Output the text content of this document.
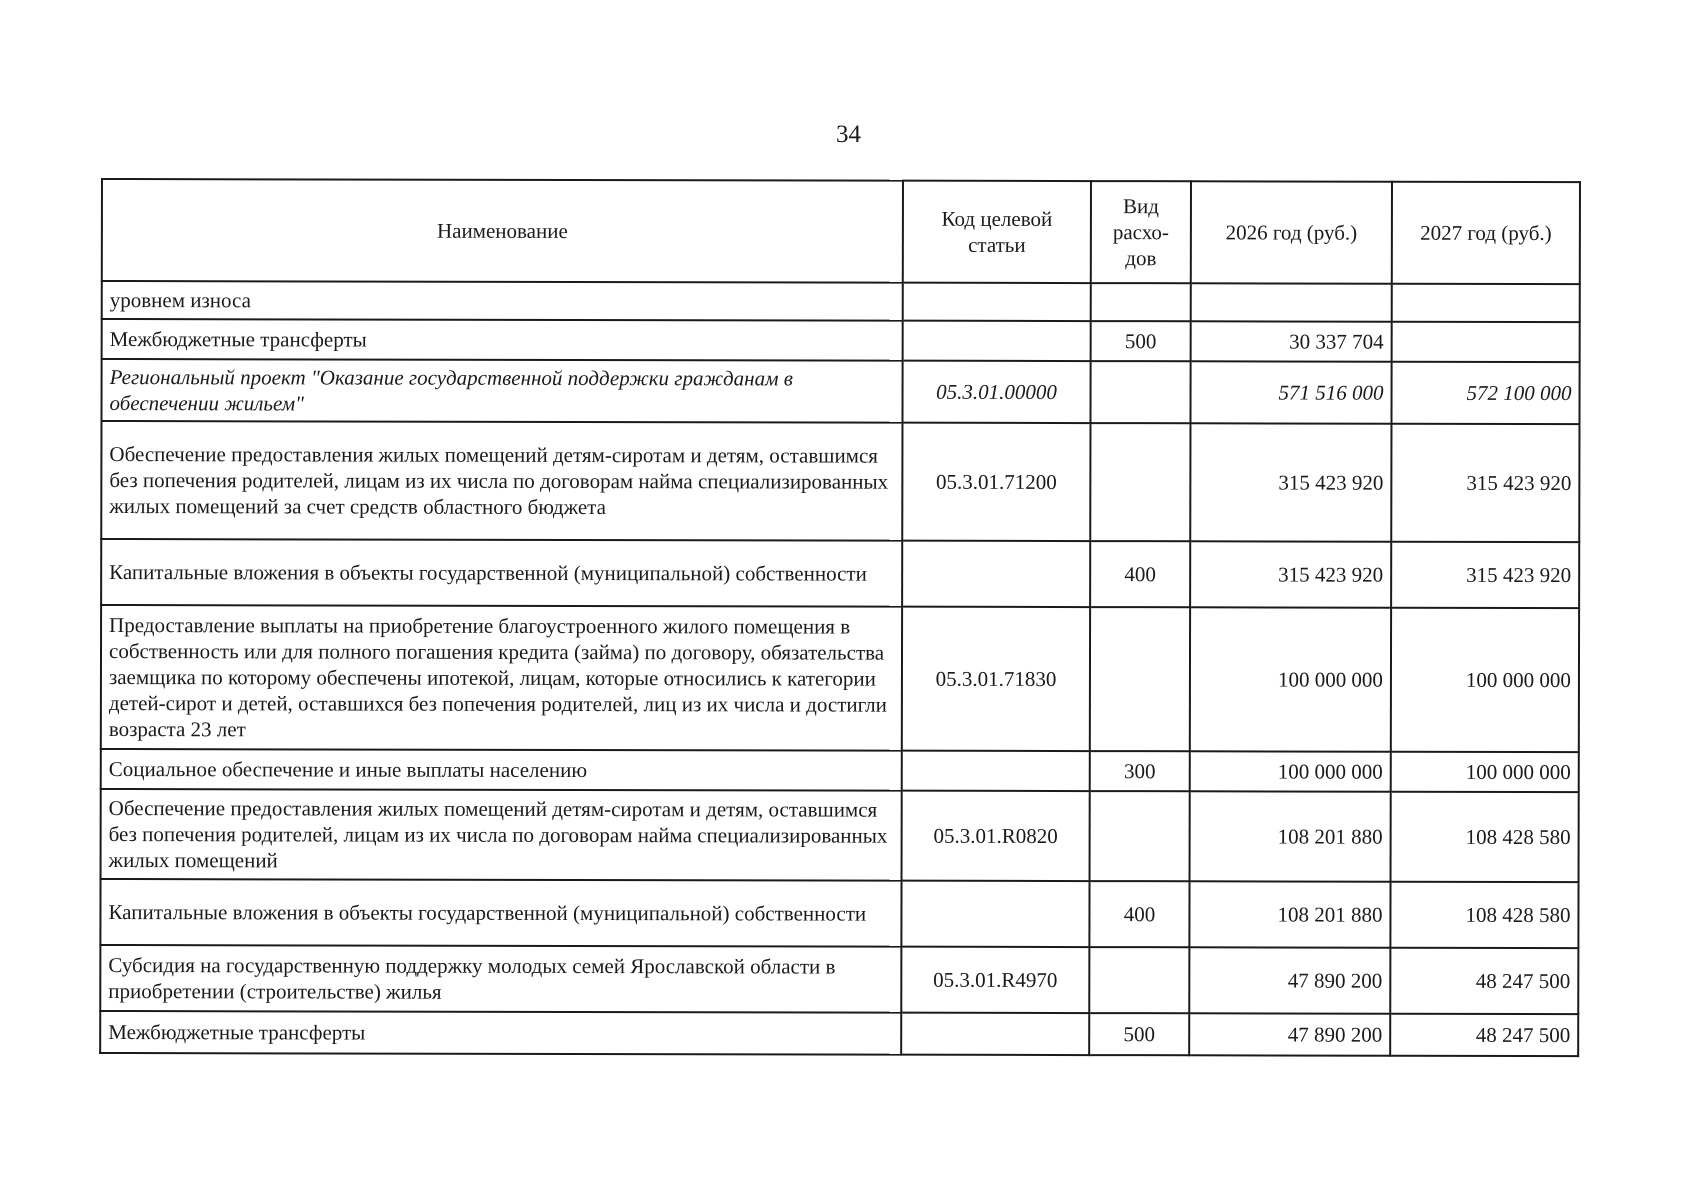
34
Наименование	Код целевой статьи	Вид расхо-дов	2026 год (руб.)	2027 год (руб.)
уровнем износа				
Межбюджетные трансферты		500	30 337 704	
Региональный проект "Оказание государственной поддержки гражданам в обеспечении жильем"	05.3.01.00000		571 516 000	572 100 000
Обеспечение предоставления жилых помещений детям-сиротам и детям, оставшимся без попечения родителей, лицам из их числа по договорам найма специализированных жилых помещений за счет средств областного бюджета	05.3.01.71200		315 423 920	315 423 920
Капитальные вложения в объекты государственной (муниципальной) собственности		400	315 423 920	315 423 920
Предоставление выплаты на приобретение благоустроенного жилого помещения в собственность или для полного погашения кредита (займа) по договору, обязательства заемщика по которому обеспечены ипотекой, лицам, которые относились к категории детей-сирот и детей, оставшихся без попечения родителей, лиц из их числа и достигли возраста 23 лет	05.3.01.71830		100 000 000	100 000 000
Социальное обеспечение и иные выплаты населению		300	100 000 000	100 000 000
Обеспечение предоставления жилых помещений детям-сиротам и детям, оставшимся без попечения родителей, лицам из их числа по договорам найма специализированных жилых помещений	05.3.01.R0820		108 201 880	108 428 580
Капитальные вложения в объекты государственной (муниципальной) собственности		400	108 201 880	108 428 580
Субсидия на государственную поддержку молодых семей Ярославской области в приобретении (строительстве) жилья	05.3.01.R4970		47 890 200	48 247 500
Межбюджетные трансферты		500	47 890 200	48 247 500
